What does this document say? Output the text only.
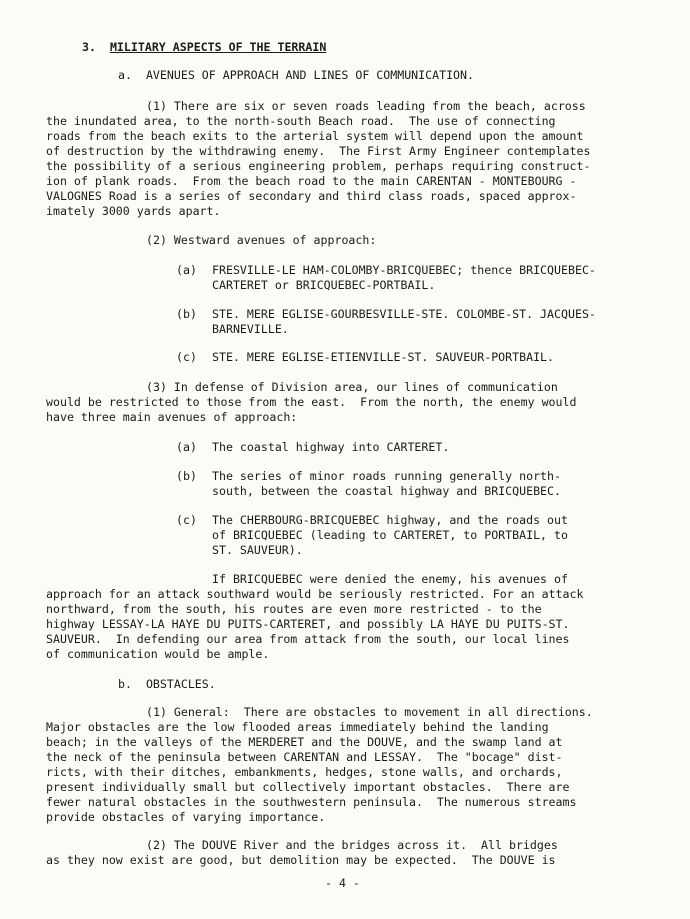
3. MILITARY ASPECTS OF THE TERRAIN
a. AVENUES OF APPROACH AND LINES OF COMMUNICATION.
(1) There are six or seven roads leading from the beach, across
the inundated area, to the north-south Beach road.  The use of connecting
roads from the beach exits to the arterial system will depend upon the amount
of destruction by the withdrawing enemy.  The First Army Engineer contemplates
the possibility of a serious engineering problem, perhaps requiring construct-
ion of plank roads.  From the beach road to the main CARENTAN - MONTEBOURG -
VALOGNES Road is a series of secondary and third class roads, spaced approx-
imately 3000 yards apart.
(2) Westward avenues of approach:
(a) FRESVILLE-LE HAM-COLOMBY-BRICQUEBEC; thence BRICQUEBEC-
CARTERET or BRICQUEBEC-PORTBAIL.
(b) STE. MERE EGLISE-GOURBESVILLE-STE. COLOMBE-ST. JACQUES-
BARNEVILLE.
(c) STE. MERE EGLISE-ETIENVILLE-ST. SAUVEUR-PORTBAIL.
(3) In defense of Division area, our lines of communication
would be restricted to those from the east.  From the north, the enemy would
have three main avenues of approach:
(a) The coastal highway into CARTERET.
(b) The series of minor roads running generally north-
south, between the coastal highway and BRICQUEBEC.
(c) The CHERBOURG-BRICQUEBEC highway, and the roads out
of BRICQUEBEC (leading to CARTERET, to PORTBAIL, to
ST. SAUVEUR).
If BRICQUEBEC were denied the enemy, his avenues of
approach for an attack southward would be seriously restricted. For an attack
northward, from the south, his routes are even more restricted - to the
highway LESSAY-LA HAYE DU PUITS-CARTERET, and possibly LA HAYE DU PUITS-ST.
SAUVEUR.  In defending our area from attack from the south, our local lines
of communication would be ample.
b. OBSTACLES.
(1) General:  There are obstacles to movement in all directions.
Major obstacles are the low flooded areas immediately behind the landing
beach; in the valleys of the MERDERET and the DOUVE, and the swamp land at
the neck of the peninsula between CARENTAN and LESSAY.  The "bocage" dist-
ricts, with their ditches, embankments, hedges, stone walls, and orchards,
present individually small but collectively important obstacles.  There are
fewer natural obstacles in the southwestern peninsula.  The numerous streams
provide obstacles of varying importance.
(2) The DOUVE River and the bridges across it.  All bridges
as they now exist are good, but demolition may be expected.  The DOUVE is
- 4 -
